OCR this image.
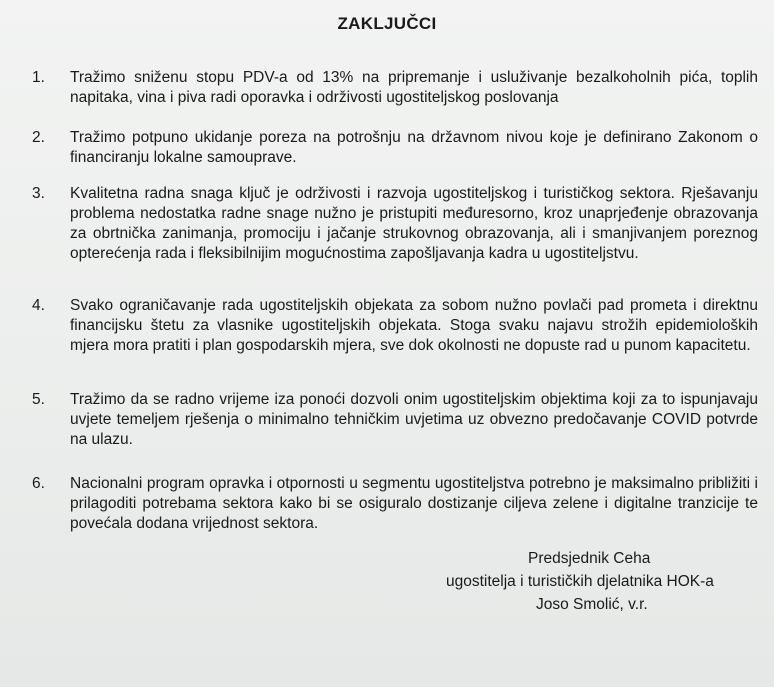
ZAKLJUČCI
1.	Tražimo sniženu stopu PDV-a od 13% na pripremanje i usluživanje bezalkoholnih pića, toplih napitaka, vina i piva radi oporavka i održivosti ugostiteljskog poslovanja
2.	Tražimo potpuno ukidanje poreza na potrošnju na državnom nivou koje je definirano Zakonom o financiranju lokalne samouprave.
3.	Kvalitetna radna snaga ključ je održivosti i razvoja ugostiteljskog i turističkog sektora. Rješavanju problema nedostatka radne snage nužno je pristupiti međuresorno, kroz unaprjeđenje obrazovanja za obrtnička zanimanja, promociju i jačanje strukovnog obrazovanja, ali i smanjivanjem poreznog opterećenja rada i fleksibilnijim mogućnostima zapošljavanja kadra u ugostiteljstvu.
4.	Svako ograničavanje rada ugostiteljskih objekata za sobom nužno povlači pad prometa i direktnu financijsku štetu za vlasnike ugostiteljskih objekata. Stoga svaku najavu strožih epidemioloških mjera mora pratiti i plan gospodarskih mjera, sve dok okolnosti ne dopuste rad u punom kapacitetu.
5.	Tražimo da se radno vrijeme iza ponoći dozvoli onim ugostiteljskim objektima koji za to ispunjavaju uvjete temeljem rješenja o minimalno tehničkim uvjetima uz obvezno predočavanje COVID potvrde na ulazu.
6.	Nacionalni program opravka i otpornosti u segmentu ugostiteljstva potrebno je maksimalno približiti i prilagoditi potrebama sektora kako bi se osiguralo dostizanje ciljeva zelene i digitalne tranzicije te povećala dodana vrijednost sektora.
Predsjednik Ceha
ugostitelja i turističkih djelatnika HOK-a
Joso Smolić, v.r.
